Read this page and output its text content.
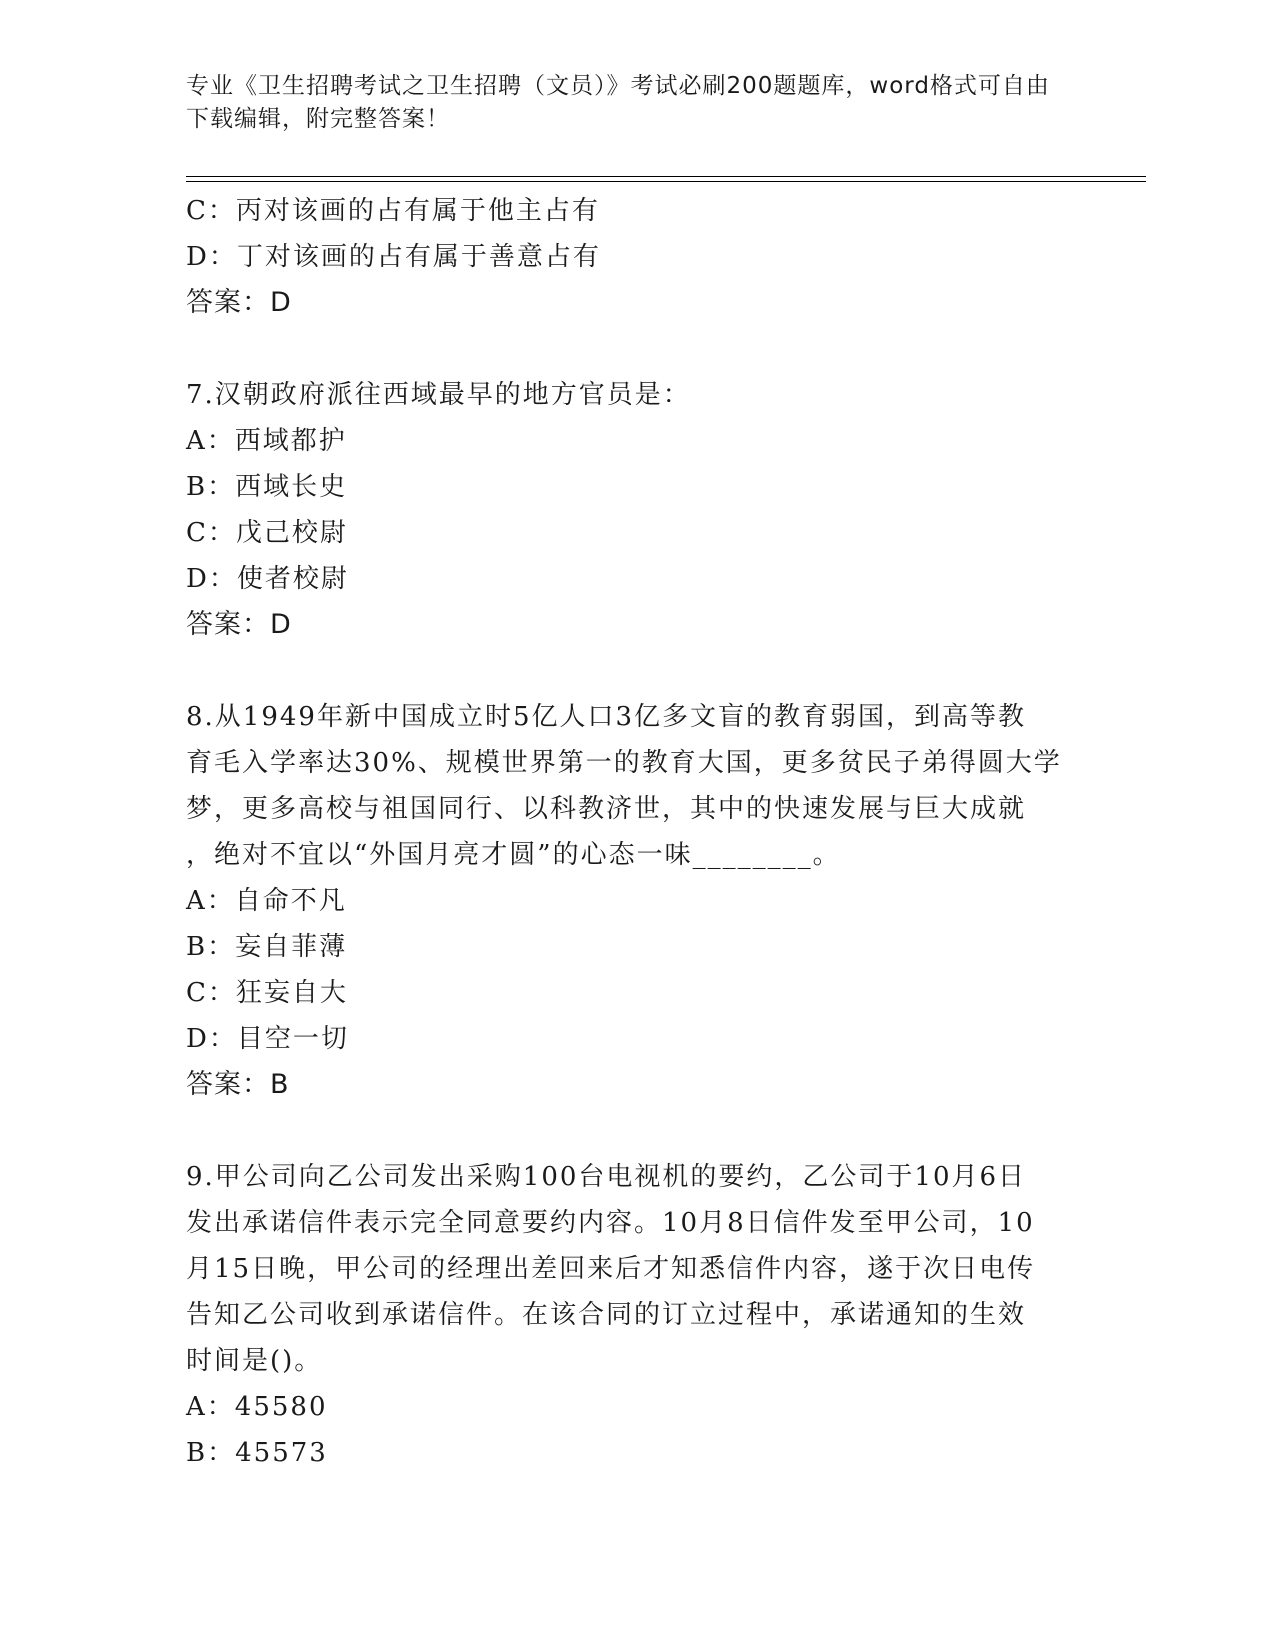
专业《卫生招聘考试之卫生招聘（文员）》考试必刷200题题库，word格式可自由下载编辑，附完整答案！
C：丙对该画的占有属于他主占有
D：丁对该画的占有属于善意占有
答案：D
7.汉朝政府派往西域最早的地方官员是：
A：西域都护
B：西域长史
C：戊己校尉
D：使者校尉
答案：D
8.从1949年新中国成立时5亿人口3亿多文盲的教育弱国，到高等教
育毛入学率达30%、规模世界第一的教育大国，更多贫民子弟得圆大学
梦，更多高校与祖国同行、以科教济世，其中的快速发展与巨大成就
，绝对不宜以“外国月亮才圆”的心态一味________。
A：自命不凡
B：妄自菲薄
C：狂妄自大
D：目空一切
答案：B
9.甲公司向乙公司发出采购100台电视机的要约，乙公司于10月6日
发出承诺信件表示完全同意要约内容。10月8日信件发至甲公司，10
月15日晚，甲公司的经理出差回来后才知悉信件内容，遂于次日电传
告知乙公司收到承诺信件。在该合同的订立过程中，承诺通知的生效
时间是()。
A：45580
B：45573
